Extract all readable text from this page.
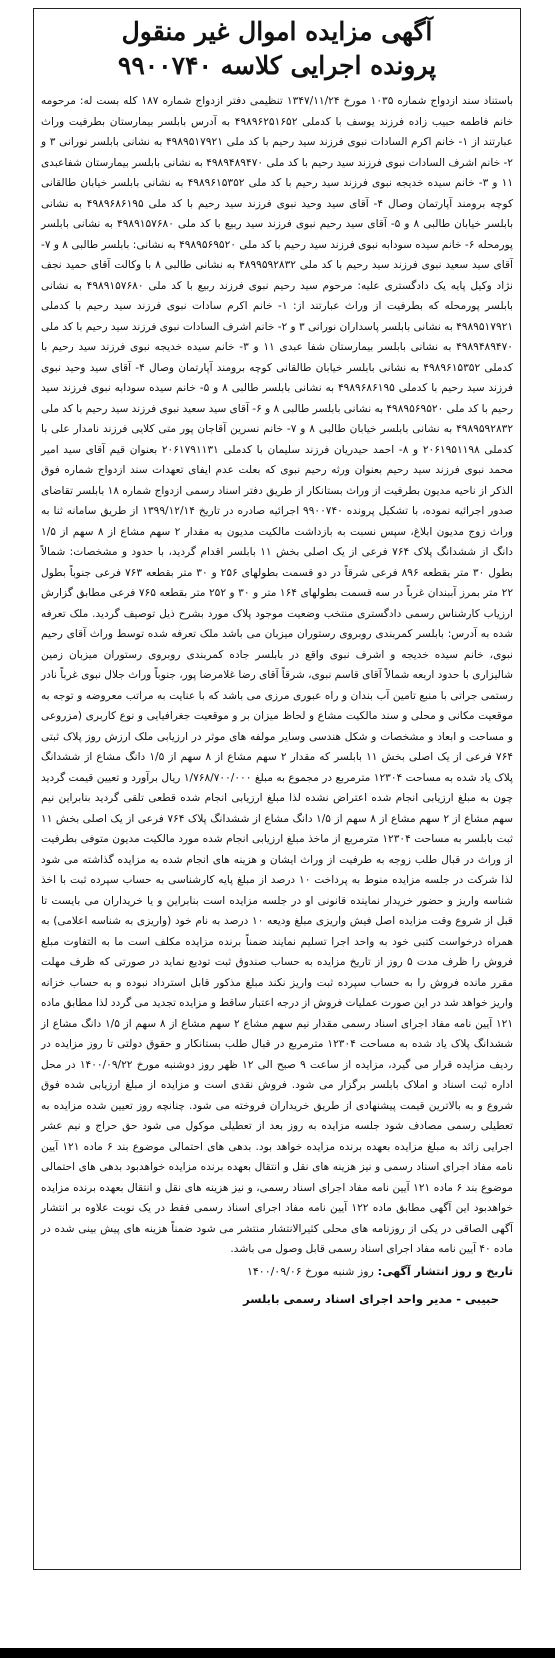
آگهی مزایده اموال غیر منقول
پرونده اجرایی کلاسه ۹۹۰۰۷۴۰

باستناد سند ازدواج شماره ۱۰۳۵ مورخ ۱۳۴۷/۱۱/۲۴ تنظیمی دفتر ازدواج شماره ۱۸۷ کله بست له: مرحومه خانم فاطمه حبیب زاده فرزند یوسف با کدملی ۴۹۸۹۶۲۵۱۶۵۲ به آدرس بابلسر بیمارستان بطرفیت وراث عبارتند از ۱- خانم اکرم السادات نبوی فرزند سید رحیم با کد ملی ۴۹۸۹۵۱۷۹۲۱ به نشانی بابلسر نورانی ۳ و ۲- خانم اشرف السادات نبوی فرزند سید رحیم با کد ملی ۴۹۸۹۴۸۹۴۷۰ به نشانی بابلسر بیمارستان شفاعبدی ۱۱ و ۳- خانم سیده خدیجه نبوی فرزند سید رحیم با کد ملی ۴۹۸۹۶۱۵۳۵۲ به نشانی بابلسر خیابان طالقانی کوچه برومند آپارتمان وصال ۴- آقای سید وحید نبوی فرزند سید رحیم با کد ملی ۴۹۸۹۶۸۶۱۹۵ به نشانی بابلسر خیابان طالبی ۸ و ۵- آقای سید رحیم نبوی فرزند سید ربیع با کد ملی ۴۹۸۹۱۵۷۶۸۰ به نشانی بابلسر پورمحله ۶- خانم سیده سودابه نبوی فرزند سید رحیم با کد ملی ۴۹۸۹۵۶۹۵۲۰ به نشانی: بابلسر طالبی ۸ و ۷- آقای سید سعید نبوی فرزند سید رحیم با کد ملی ۴۸۹۹۵۹۲۸۳۲ به نشانی طالبی ۸ با وکالت آقای حمید نجف نژاد وکیل پایه یک دادگستری علیه: مرحوم سید رحیم نبوی فرزند ربیع با کد ملی ۴۹۸۹۱۵۷۶۸۰ به نشانی بابلسر پورمحله که بطرفیت از وراث عبارتند از: ۱- خانم اکرم سادات نبوی فرزند سید رحیم با کدملی ۴۹۸۹۵۱۷۹۲۱ به نشانی بابلسر پاسداران نورانی ۳ و ۲- خانم اشرف السادات نبوی فرزند سید رحیم با کد ملی ۴۹۸۹۴۸۹۴۷۰ به نشانی بابلسر بیمارستان شفا عبدی ۱۱ و ۳- خانم سیده خدیجه نبوی فرزند سید رحیم با کدملی ۴۹۸۹۶۱۵۳۵۲ به نشانی بابلسر خیابان طالقانی کوچه برومند آپارتمان وصال ۴- آقای سید وحید نبوی فرزند سید رحیم با کدملی ۴۹۸۹۶۸۶۱۹۵ به نشانی بابلسر طالبی ۸ و ۵- خانم سیده سودابه نبوی فرزند سید رحیم با کد ملی ۴۹۸۹۵۶۹۵۲۰ به نشانی بابلسر طالبی ۸ و ۶- آقای سید سعید نبوی فرزند سید رحیم با کد ملی ۴۹۸۹۵۹۲۸۳۲ به نشانی بابلسر خیابان طالبی ۸ و ۷- خانم نسرین آقاجان پور متی کلایی فرزند نامدار علی با کدملی ۲۰۶۱۹۵۱۱۹۸ و ۸- احمد حیدریان فرزند سلیمان با کدملی ۲۰۶۱۷۹۱۱۳۱ بعنوان قیم آقای سید امیر محمد نبوی فرزند سید رحیم بعنوان ورثه رحیم نبوی که بعلت عدم ایفای تعهدات سند ازدواج شماره فوق الذکر از ناحیه مدیون بطرفیت از وراث بستانکار از طریق دفتر اسناد رسمی ازدواج شماره ۱۸ بابلسر تقاضای صدور اجرائیه نموده، با تشکیل پرونده ۹۹۰۰۷۴۰ اجرائیه صادره در تاریخ ۱۳۹۹/۱۲/۱۴ از طریق سامانه ثنا به وراث زوج مدیون ابلاغ، سپس نسبت به بازداشت مالکیت مدیون به مقدار ۲ سهم مشاع از ۸ سهم از ۱/۵ دانگ از ششدانگ پلاک ۷۶۴ فرعی از یک اصلی بخش ۱۱ بابلسر اقدام گردید، با حدود و مشخصات: شمالاً بطول ۳۰ متر بقطعه ۸۹۶ فرعی شرقاً در دو قسمت بطولهای ۲۵۶ و ۳۰ متر بقطعه ۷۶۳ فرعی جنوباً بطول ۲۲ متر بمرز آببندان غرباً در سه قسمت بطولهای ۱۶۴ متر و ۳۰ و ۲۵۲ متر بقطعه ۷۶۵ فرعی مطابق گزارش ارزیاب کارشناس رسمی دادگستری منتخب وضعیت موجود پلاک مورد بشرح ذیل توصیف گردید. ملک تعرفه شده به آدرس: بابلسر کمربندی روبروی رستوران میزبان می باشد ملک تعرفه شده توسط وراث آقای رحیم نبوی، خانم سیده خدیجه و اشرف نبوی واقع در بابلسر جاده کمربندی روبروی رستوران میزبان زمین شالیزاری با حدود اربعه شمالاً آقای قاسم نبوی، شرقاً آقای رضا غلامرضا پور، جنوباً وراث جلال نبوی غرباً نادر رستمی جراتی با منبع تامین آب بندان و راه عبوری مرزی می باشد که با عنایت به مراتب معروضه و توجه به موقعیت مکانی و محلی و سند مالکیت مشاع و لحاظ میزان بر و موقعیت جغرافیایی و نوع کاربری (مزروعی و مساحت و ابعاد و مشخصات و شکل هندسی وسایر مولفه های موثر در ارزیابی ملک ارزش روز پلاک ثبتی ۷۶۴ فرعی از یک اصلی بخش ۱۱ بابلسر که مقدار ۲ سهم مشاع از ۸ سهم از ۱/۵ دانگ مشاع از ششدانگ پلاک یاد شده به مساحت ۱۲۳۰۴ مترمربع در مجموع به مبلغ ۱/۷۶۸/۷۰۰/۰۰۰ ریال برآورد و تعیین قیمت گردید چون به مبلغ ارزیابی انجام شده اعتراض نشده لذا مبلغ ارزیابی انجام شده قطعی تلقی گردید بنابراین نیم سهم مشاع از ۲ سهم مشاع از ۸ سهم از ۱/۵ دانگ مشاع از ششدانگ پلاک ۷۶۴ فرعی از یک اصلی بخش ۱۱ ثبت بابلسر به مساحت ۱۲۳۰۴ مترمربع از ماخذ مبلغ ارزیابی انجام شده مورد مالکیت مدیون متوفی بطرفیت از وراث در قبال طلب زوجه به طرفیت از وراث ایشان و هزینه های انجام شده به مزایده گذاشته می شود لذا شرکت در جلسه مزایده منوط به پرداخت ۱۰ درصد از مبلغ پایه کارشناسی به حساب سپرده ثبت با اخذ شناسه واریز و حضور خریدار نماینده قانونی او در جلسه مزایده است بنابراین و یا خریداران می بایست تا قبل از شروع وقت مزایده اصل فیش واریزی مبلغ ودیعه ۱۰ درصد به نام خود (واریزی به شناسه اعلامی) به همراه درخواست کتبی خود به واحد اجرا تسلیم نمایند ضمناً برنده مزایده مکلف است ما به التفاوت مبلغ فروش را ظرف مدت ۵ روز از تاریخ مزایده به حساب صندوق ثبت تودیع نماید در صورتی که ظرف مهلت مقرر مانده فروش را به حساب سپرده ثبت واریز نکند مبلغ مذکور قابل استرداد نبوده و به حساب خزانه واریز خواهد شد در این صورت عملیات فروش از درجه اعتبار ساقط و مزایده تجدید می گردد لذا مطابق ماده ۱۲۱ آیین نامه مفاد اجرای اسناد رسمی مقدار نیم سهم مشاع ۲ سهم مشاع از ۸ سهم از ۱/۵ دانگ مشاع از ششدانگ پلاک یاد شده به مساحت ۱۲۳۰۴ مترمربع در قبال طلب بستانکار و حقوق دولتی تا روز مزایده در ردیف مزایده قرار می گیرد، مزایده از ساعت ۹ صبح الی ۱۲ ظهر روز دوشنبه مورخ ۱۴۰۰/۰۹/۲۲ در محل اداره ثبت اسناد و املاک بابلسر برگزار می شود. فروش نقدی است و مزایده از مبلغ ارزیابی شده فوق شروع و به بالاترین قیمت پیشنهادی از طریق خریداران فروخته می شود. چنانچه روز تعیین شده مزایده به تعطیلی رسمی مصادف شود جلسه مزایده به روز بعد از تعطیلی موکول می شود حق حراج و نیم عشر اجرایی زائد به مبلغ مزایده بعهده برنده مزایده خواهد بود. بدهی های احتمالی موضوع بند ۶ ماده ۱۲۱ آیین نامه مفاد اجرای اسناد رسمی و نیز هزینه های نقل و انتقال بعهده برنده مزایده خواهدبود بدهی های احتمالی موضوع بند ۶ ماده ۱۲۱ آیین نامه مفاد اجرای اسناد رسمی، و نیز هزینه های نقل و انتقال بعهده برنده مزایده خواهدبود این آگهی مطابق ماده ۱۲۲ آیین نامه مفاد اجرای اسناد رسمی فقط در یک نوبت علاوه بر انتشار آگهی الصاقی در یکی از روزنامه های محلی کثیرالانتشار منتشر می شود ضمناً هزینه های پیش بینی شده در ماده ۴۰ آیین نامه مفاد اجرای اسناد رسمی قابل وصول می باشد.

تاریخ و روز انتشار آگهی: روز شنبه مورخ ۱۴۰۰/۰۹/۰۶
حبیبی - مدیر واحد اجرای اسناد رسمی بابلسر
